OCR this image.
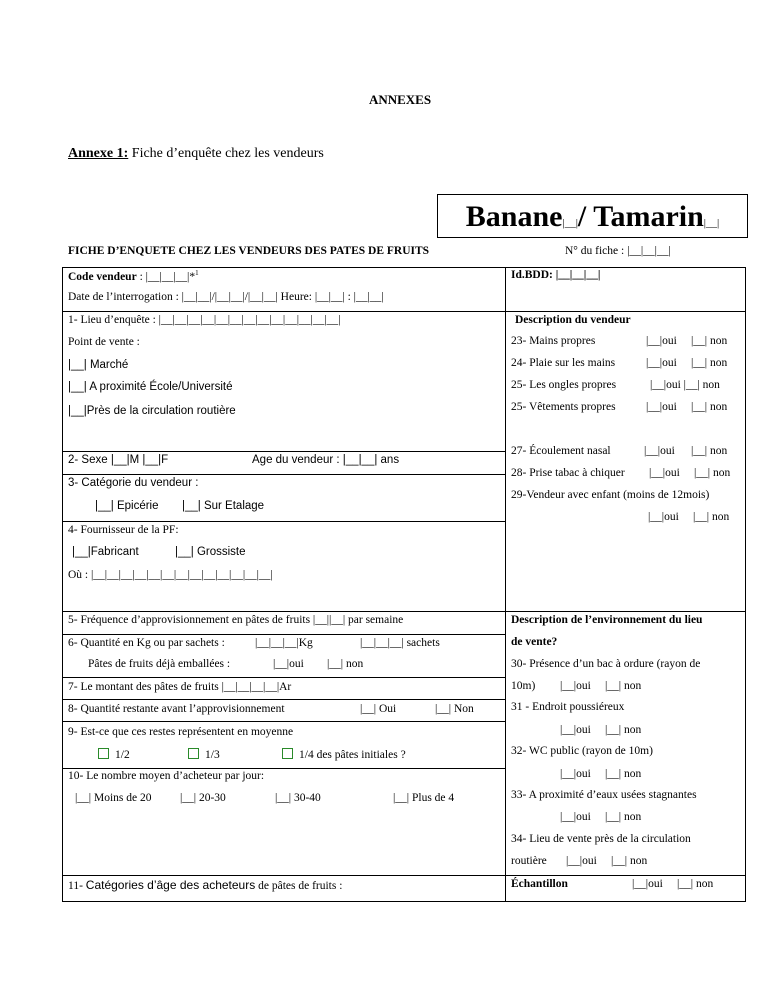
ANNEXES
Annexe 1: Fiche d’enquête chez les vendeurs
Banane|__|/ Tamarin|__|
FICHE D’ENQUETE CHEZ LES VENDEURS DES PATES DE FRUITS	N° du fiche : |__|__|__|
Code vendeur : |__|__|__|*$^1$
Date de l’interrogation : |__|__|/|__|__|/|__|__| Heure: |__|__| : |__|__|
1- Lieu d’enquête : |__|__|__|__|__|__|__|__|__|__|__|__|__|
Point de vente :
|__| Marché
|__| A proximité École/Université
|__|Près de la circulation routière
2- Sexe |__|M |__|F	Age du vendeur : |__|__| ans
3- Catégorie du vendeur :
|__| Epicérie |__| Sur Etalage
4- Fournisseur de la PF:
|__|Fabricant	|__| Grossiste
Où : |__|__|__|__|__|__|__|__|__|__|__|__|__|
5- Fréquence d’approvisionnement en pâtes de fruits |__||__| par semaine
6- Quantité en Kg ou par sachets :	|__|__|__|Kg	|__|__|__| sachets
Pâtes de fruits déjà emballées :	|__|oui |__| non
7- Le montant des pâtes de fruits |__|__|__|__|Ar
8- Quantité restante avant l’approvisionnement	|__| Oui	|__| Non
9- Est-ce que ces restes représentent en moyenne
1/2	1/3	1/4 des pâtes initiales ?
10- Le nombre moyen d’acheteur par jour:
|__| Moins de 20 |__| 20-30	|__| 30-40	|__| Plus de 4
11- Catégories d’âge des acheteurs de pâtes de fruits :
Id.BDD: |__|__|__|
Description du vendeur
23- Mains propres	|__|oui |__| non
24- Plaie sur les mains	|__|oui |__| non
25- Les ongles propres	|__|oui |__| non
25- Vêtements propres	|__|oui |__| non
27- Écoulement nasal	|__|oui |__| non
28- Prise tabac à chiquer |__|oui |__| non
29-Vendeur avec enfant (moins de 12mois)
|__|oui |__| non
Description de l’environnement du lieu
de vente?
30- Présence d’un bac à ordure (rayon de
10m) |__|oui |__| non
31 - Endroit poussiéreux
|__|oui |__| non
32- WC public (rayon de 10m)
|__|oui |__| non
33- A proximité d’eaux usées stagnantes
|__|oui |__| non
34- Lieu de vente près de la circulation
routière |__|oui |__| non
Échantillon	|__|oui |__| non
